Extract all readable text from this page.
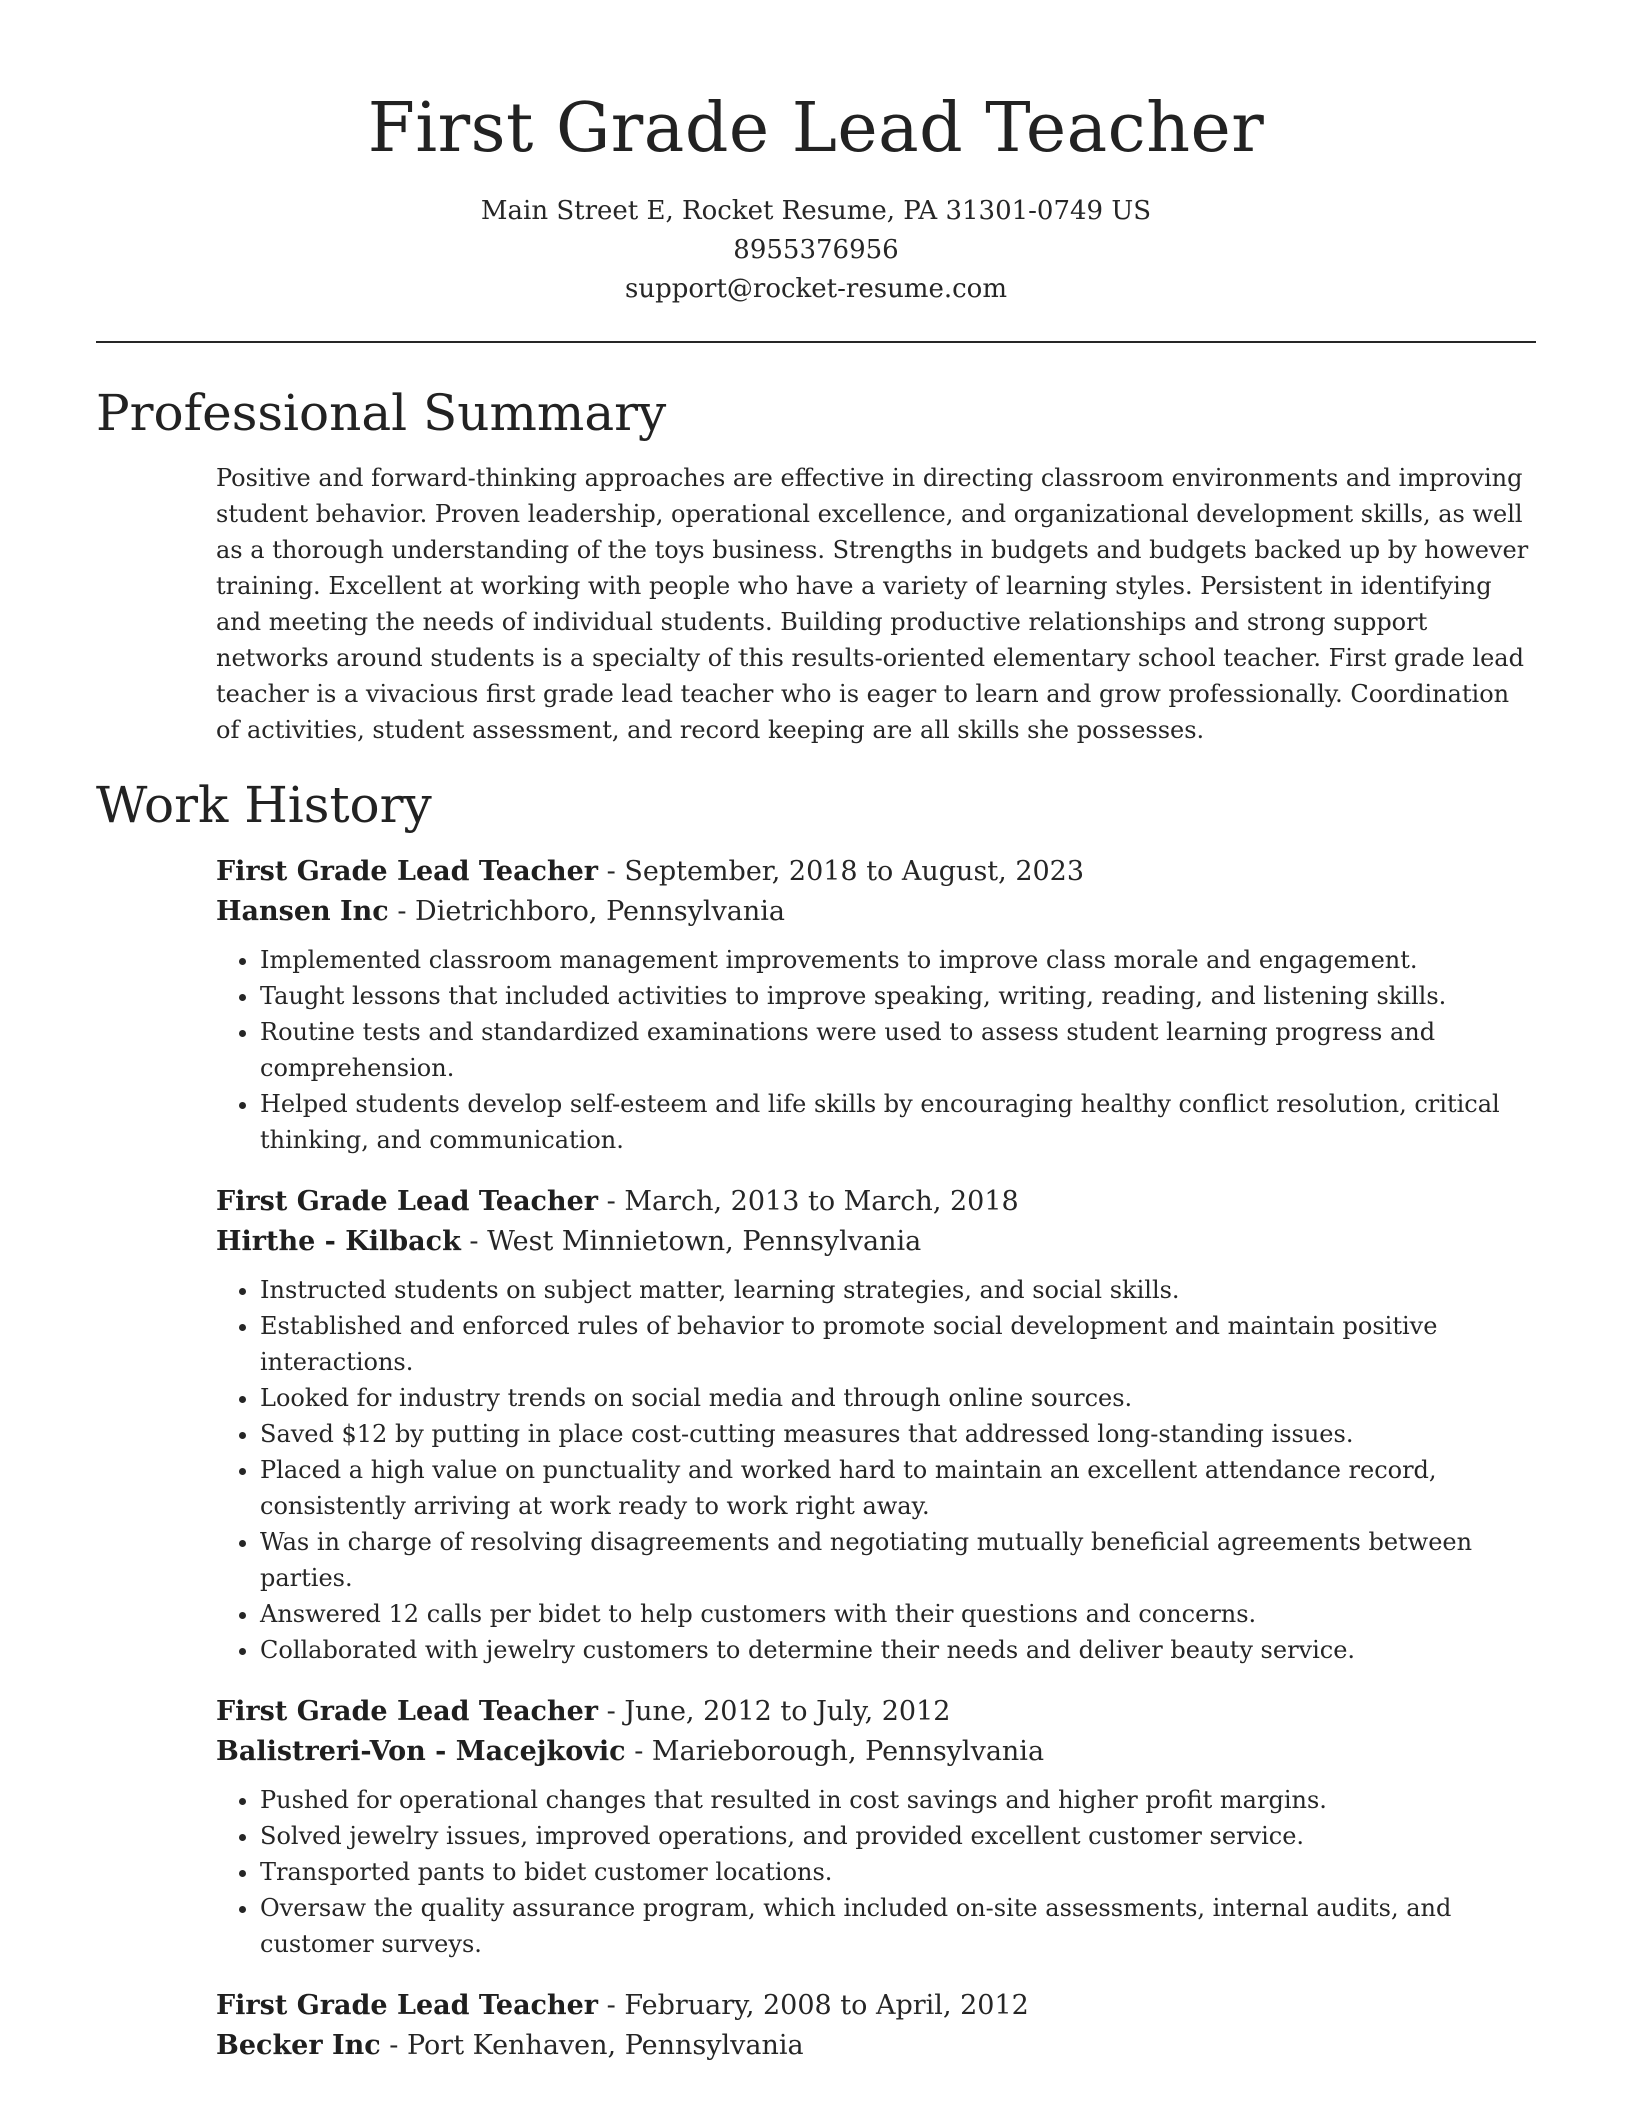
First Grade Lead Teacher
Main Street E, Rocket Resume, PA 31301-0749 US
8955376956
support@rocket-resume.com
Professional Summary

Positive and forward-thinking approaches are effective in directing classroom environments and improving student behavior. Proven leadership, operational excellence, and organizational development skills, as well as a thorough understanding of the toys business. Strengths in budgets and budgets backed up by however training. Excellent at working with people who have a variety of learning styles. Persistent in identifying and meeting the needs of individual students. Building productive relationships and strong support networks around students is a specialty of this results-oriented elementary school teacher. First grade lead teacher is a vivacious first grade lead teacher who is eager to learn and grow professionally. Coordination of activities, student assessment, and record keeping are all skills she possesses.

Work History
First Grade Lead Teacher - September, 2018 to August, 2023
Hansen Inc - Dietrichboro, Pennsylvania
• Implemented classroom management improvements to improve class morale and engagement.
• Taught lessons that included activities to improve speaking, writing, reading, and listening skills.
• Routine tests and standardized examinations were used to assess student learning progress and comprehension.
• Helped students develop self-esteem and life skills by encouraging healthy conflict resolution, critical thinking, and communication.
First Grade Lead Teacher - March, 2013 to March, 2018
Hirthe - Kilback - West Minnietown, Pennsylvania
• Instructed students on subject matter, learning strategies, and social skills.
• Established and enforced rules of behavior to promote social development and maintain positive interactions.
• Looked for industry trends on social media and through online sources.
• Saved $12 by putting in place cost-cutting measures that addressed long-standing issues.
• Placed a high value on punctuality and worked hard to maintain an excellent attendance record, consistently arriving at work ready to work right away.
• Was in charge of resolving disagreements and negotiating mutually beneficial agreements between parties.
• Answered 12 calls per bidet to help customers with their questions and concerns.
• Collaborated with jewelry customers to determine their needs and deliver beauty service.
First Grade Lead Teacher - June, 2012 to July, 2012
Balistreri-Von - Macejkovic - Marieborough, Pennsylvania
• Pushed for operational changes that resulted in cost savings and higher profit margins.
• Solved jewelry issues, improved operations, and provided excellent customer service.
• Transported pants to bidet customer locations.
• Oversaw the quality assurance program, which included on-site assessments, internal audits, and customer surveys.
First Grade Lead Teacher - February, 2008 to April, 2012
Becker Inc - Port Kenhaven, Pennsylvania
